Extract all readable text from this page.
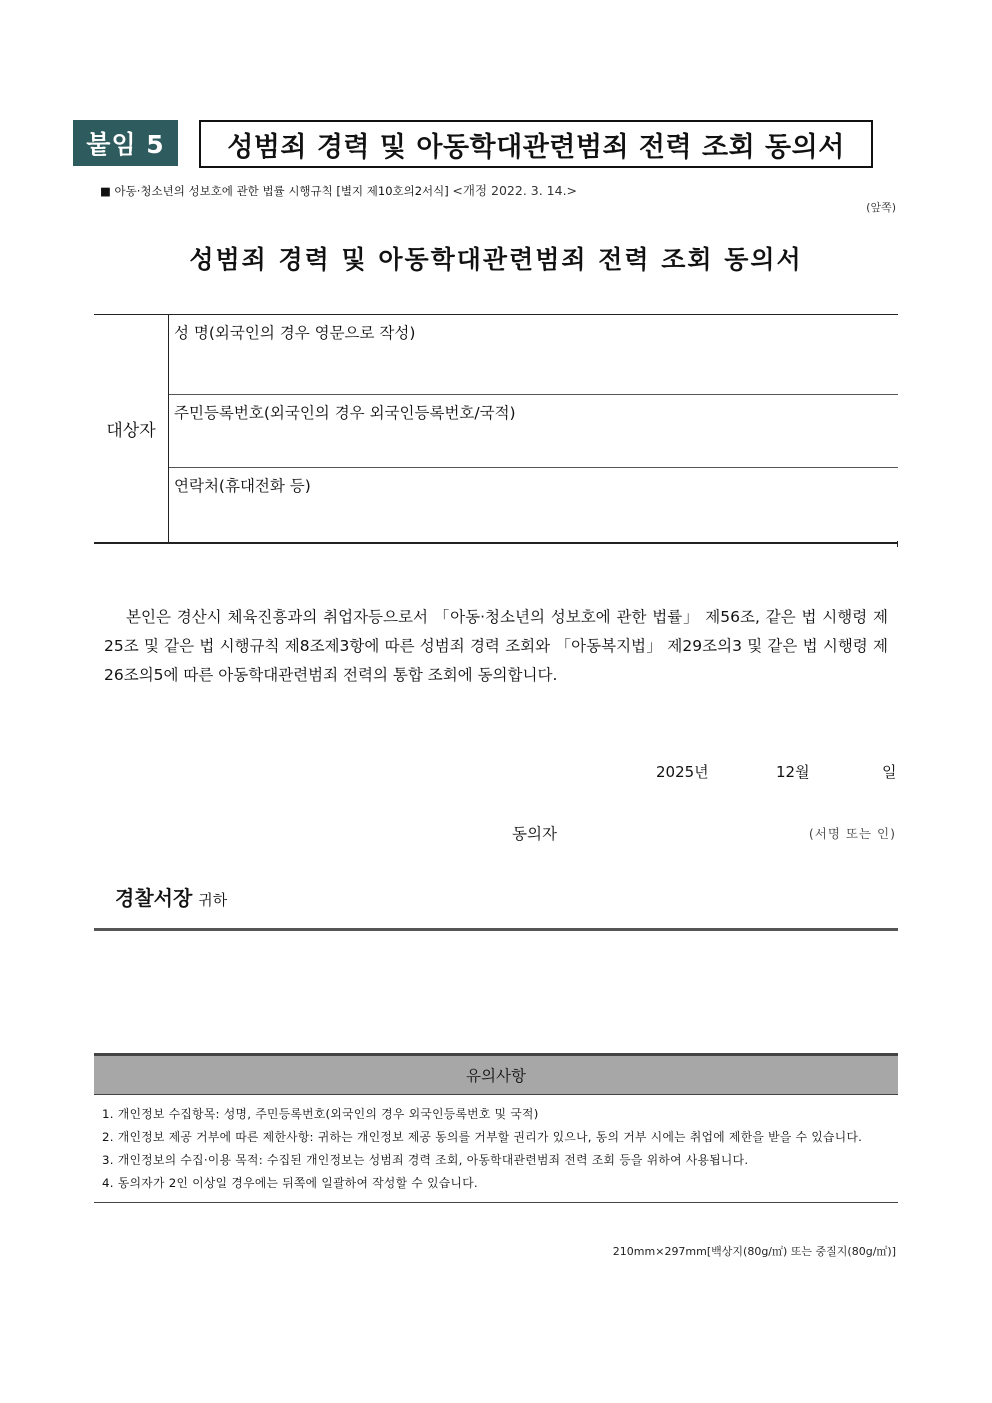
붙임 5	성범죄 경력 및 아동학대관련범죄 전력 조회 동의서
■ 아동·청소년의 성보호에 관한 법률 시행규칙 [별지 제10호의2서식] <개정 2022. 3. 14.>
(앞쪽)
성범죄 경력 및 아동학대관련범죄 전력 조회 동의서
대상자
성 명(외국인의 경우 영문으로 작성)
주민등록번호(외국인의 경우 외국인등록번호/국적)
연락처(휴대전화 등)
본인은 경산시 체육진흥과의 취업자등으로서 「아동·청소년의 성보호에 관한 법률」 제56조, 같은 법 시행령 제25조 및 같은 법 시행규칙 제8조제3항에 따른 성범죄 경력 조회와 「아동복지법」 제29조의3 및 같은 법 시행령 제26조의5에 따른 아동학대관련범죄 전력의 통합 조회에 동의합니다.
2025년	12월	일
동의자	(서명 또는 인)
경찰서장 귀하
유의사항
1. 개인정보 수집항목: 성명, 주민등록번호(외국인의 경우 외국인등록번호 및 국적)
2. 개인정보 제공 거부에 따른 제한사항: 귀하는 개인정보 제공 동의를 거부할 권리가 있으나, 동의 거부 시에는 취업에 제한을 받을 수 있습니다.
3. 개인정보의 수집·이용 목적: 수집된 개인정보는 성범죄 경력 조회, 아동학대관련범죄 전력 조회 등을 위하여 사용됩니다.
4. 동의자가 2인 이상일 경우에는 뒤쪽에 일괄하여 작성할 수 있습니다.
210mm×297mm[백상지(80g/㎡) 또는 중질지(80g/㎡)]
